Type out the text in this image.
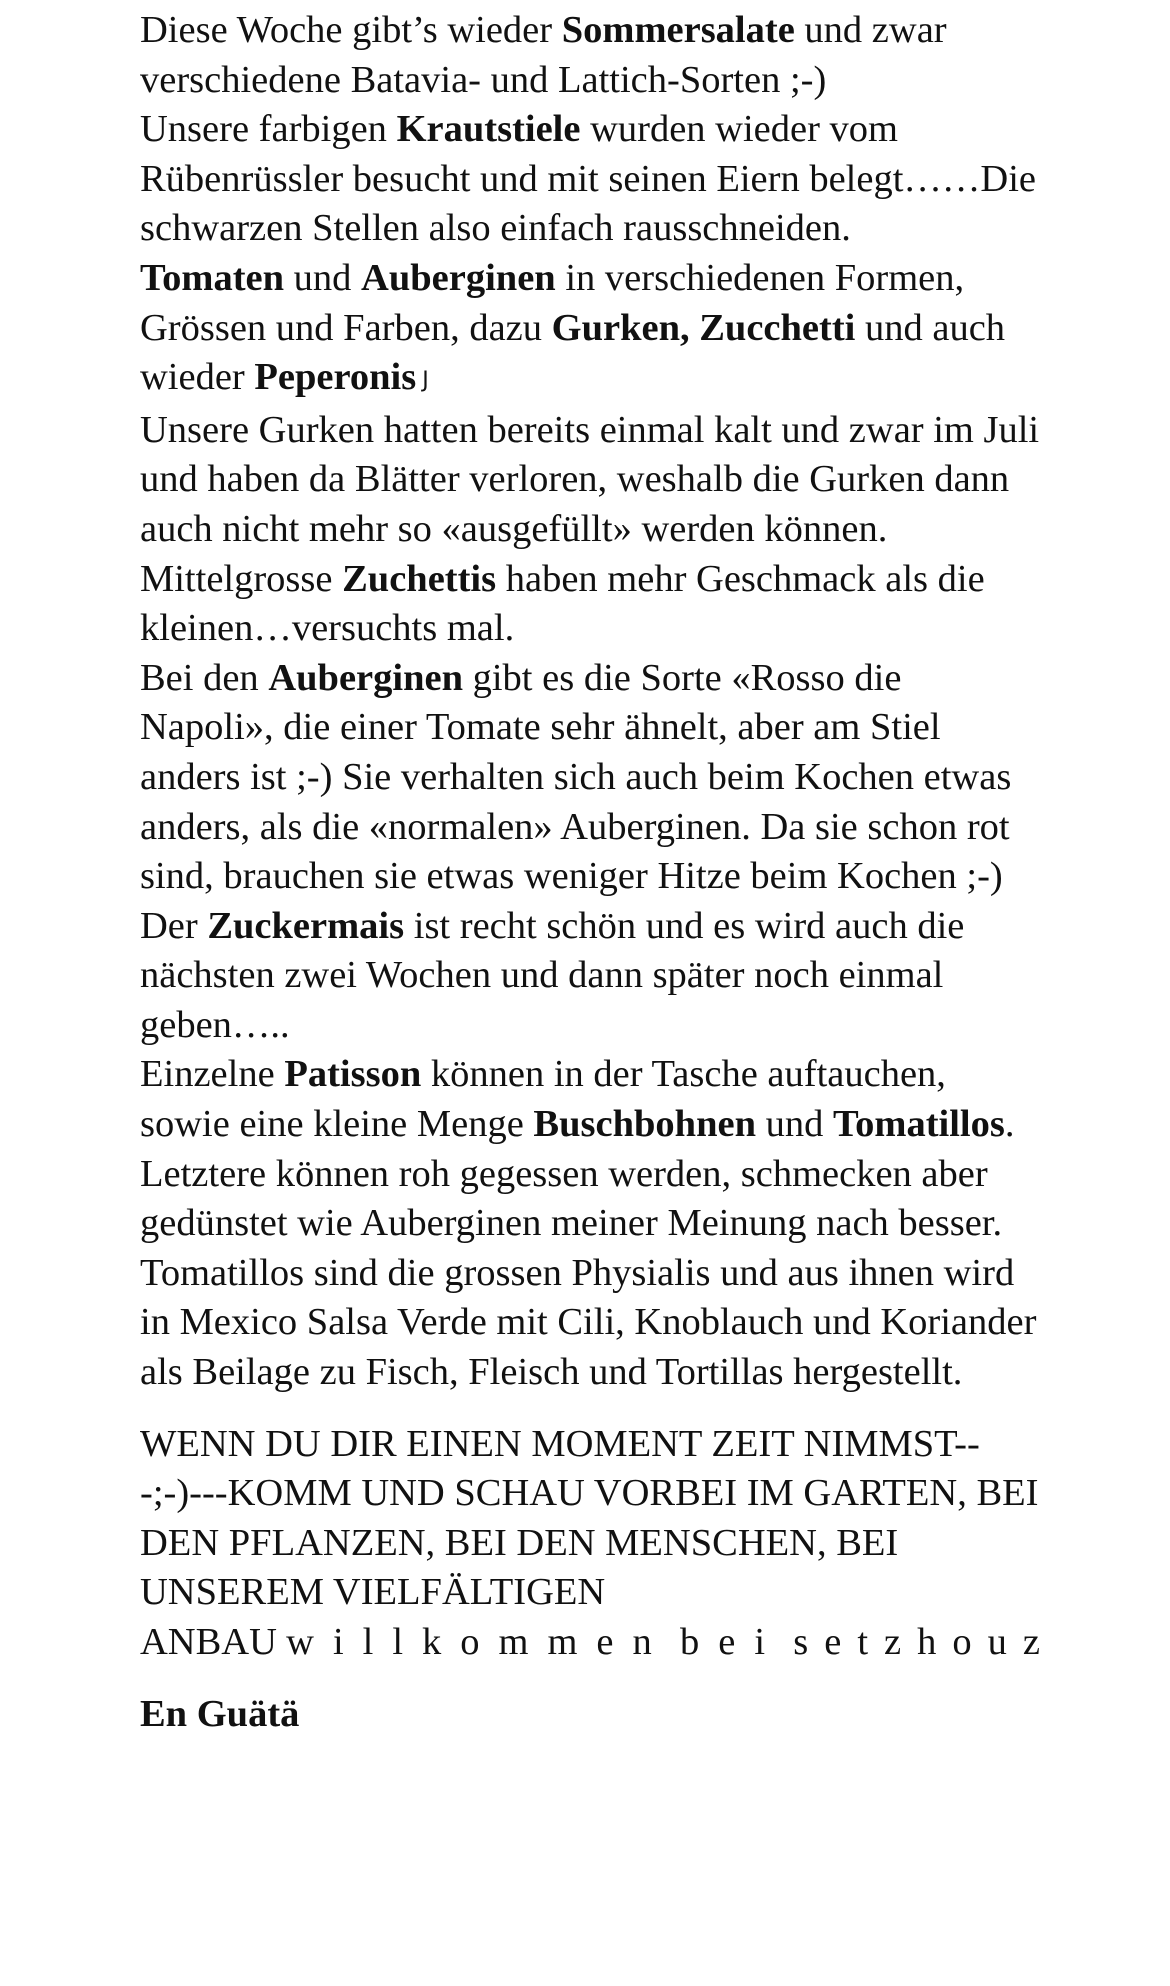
Diese Woche gibt’s wieder Sommersalate und zwar verschiedene Batavia- und Lattich-Sorten ;-)

Unsere farbigen Krautstiele wurden wieder vom Rübenrüssler besucht und mit seinen Eiern belegt……Die schwarzen Stellen also einfach rausschneiden.

Tomaten und Auberginen in verschiedenen Formen, Grössen und Farben, dazu Gurken, Zucchetti und auch wieder Peperonis J

Unsere Gurken hatten bereits einmal kalt und zwar im Juli und haben da Blätter verloren, weshalb die Gurken dann auch nicht mehr so «ausgefüllt» werden können.

Mittelgrosse Zuchettis haben mehr Geschmack als die kleinen…versuchts mal.

Bei den Auberginen gibt es die Sorte «Rosso die Napoli», die einer Tomate sehr ähnelt, aber am Stiel anders ist ;-) Sie verhalten sich auch beim Kochen etwas anders, als die «normalen» Auberginen. Da sie schon rot sind, brauchen sie etwas weniger Hitze beim Kochen ;-)

Der Zuckermais ist recht schön und es wird auch die nächsten zwei Wochen und dann später noch einmal geben…..

Einzelne Patisson können in der Tasche auftauchen, sowie eine kleine Menge Buschbohnen und Tomatillos.

Letztere können roh gegessen werden, schmecken aber gedünstet wie Auberginen meiner Meinung nach besser. Tomatillos sind die grossen Physialis und aus ihnen wird in Mexico Salsa Verde mit Cili, Knoblauch und Koriander als Beilage zu Fisch, Fleisch und Tortillas hergestellt.

WENN DU DIR EINEN MOMENT ZEIT NIMMST---;-)---KOMM UND SCHAU VORBEI IM GARTEN, BEI DEN PFLANZEN, BEI DEN MENSCHEN, BEI UNSEREM VIELFÄLTIGEN

ANBAU willkommen bei setzhouz

En Guätä
